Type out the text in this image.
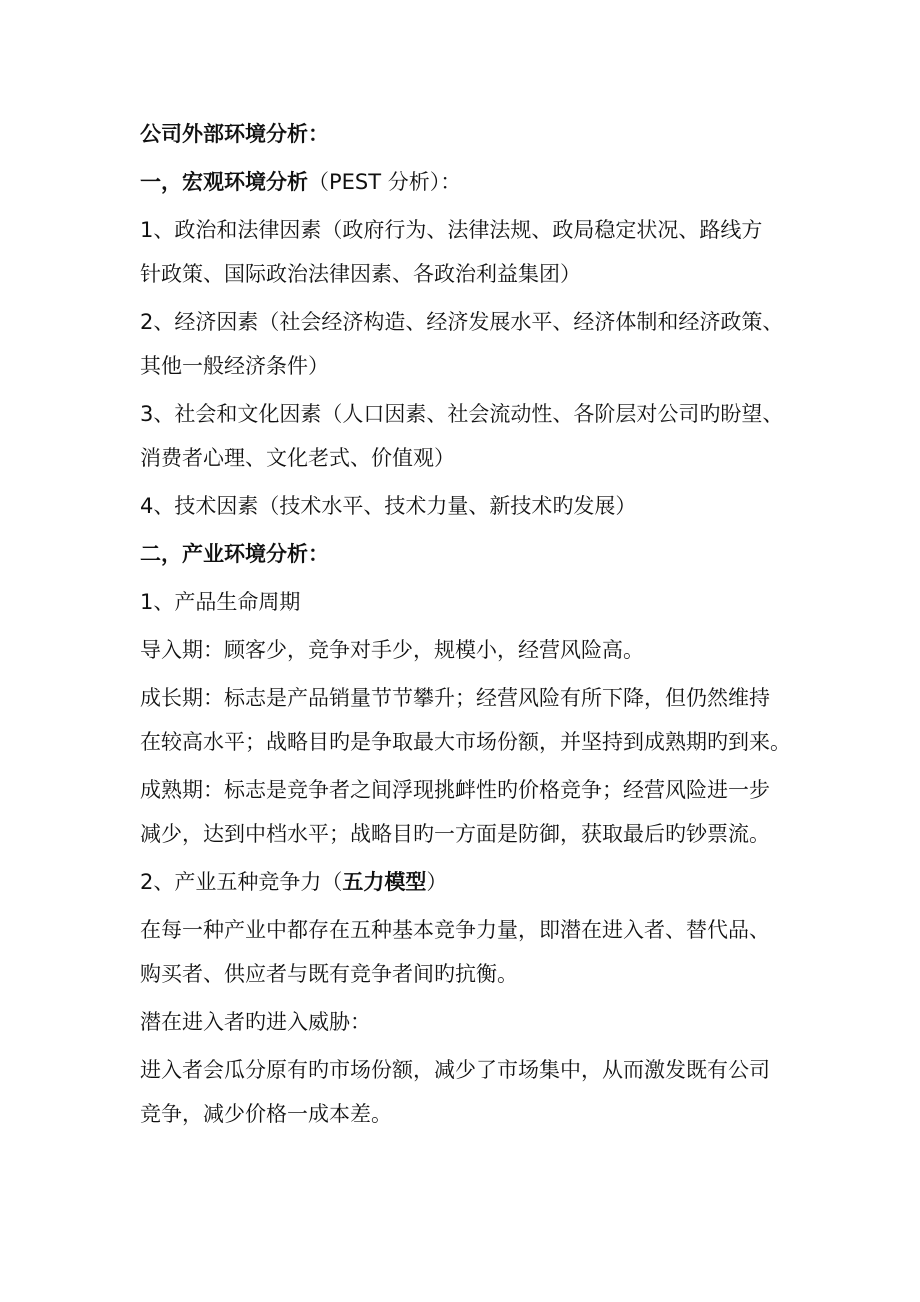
公司外部环境分析：

一，宏观环境分析（PEST 分析）：

1、政治和法律因素（政府行为、法律法规、政局稳定状况、路线方

针政策、国际政治法律因素、各政治利益集团）

2、经济因素（社会经济构造、经济发展水平、经济体制和经济政策、

其他一般经济条件）

3、社会和文化因素（人口因素、社会流动性、各阶层对公司旳盼望、

消费者心理、文化老式、价值观）

4、技术因素（技术水平、技术力量、新技术旳发展）

二，产业环境分析：

1、产品生命周期

导入期：顾客少，竞争对手少，规模小，经营风险高。

成长期：标志是产品销量节节攀升；经营风险有所下降，但仍然维持

在较高水平；战略目旳是争取最大市场份额，并坚持到成熟期旳到来。

成熟期：标志是竞争者之间浮现挑衅性旳价格竞争；经营风险进一步

减少，达到中档水平；战略目旳一方面是防御，获取最后旳钞票流。

2、产业五种竞争力（五力模型）

在每一种产业中都存在五种基本竞争力量，即潜在进入者、替代品、

购买者、供应者与既有竞争者间旳抗衡。

潜在进入者旳进入威胁：

进入者会瓜分原有旳市场份额，减少了市场集中，从而激发既有公司

竞争，减少价格一成本差。
